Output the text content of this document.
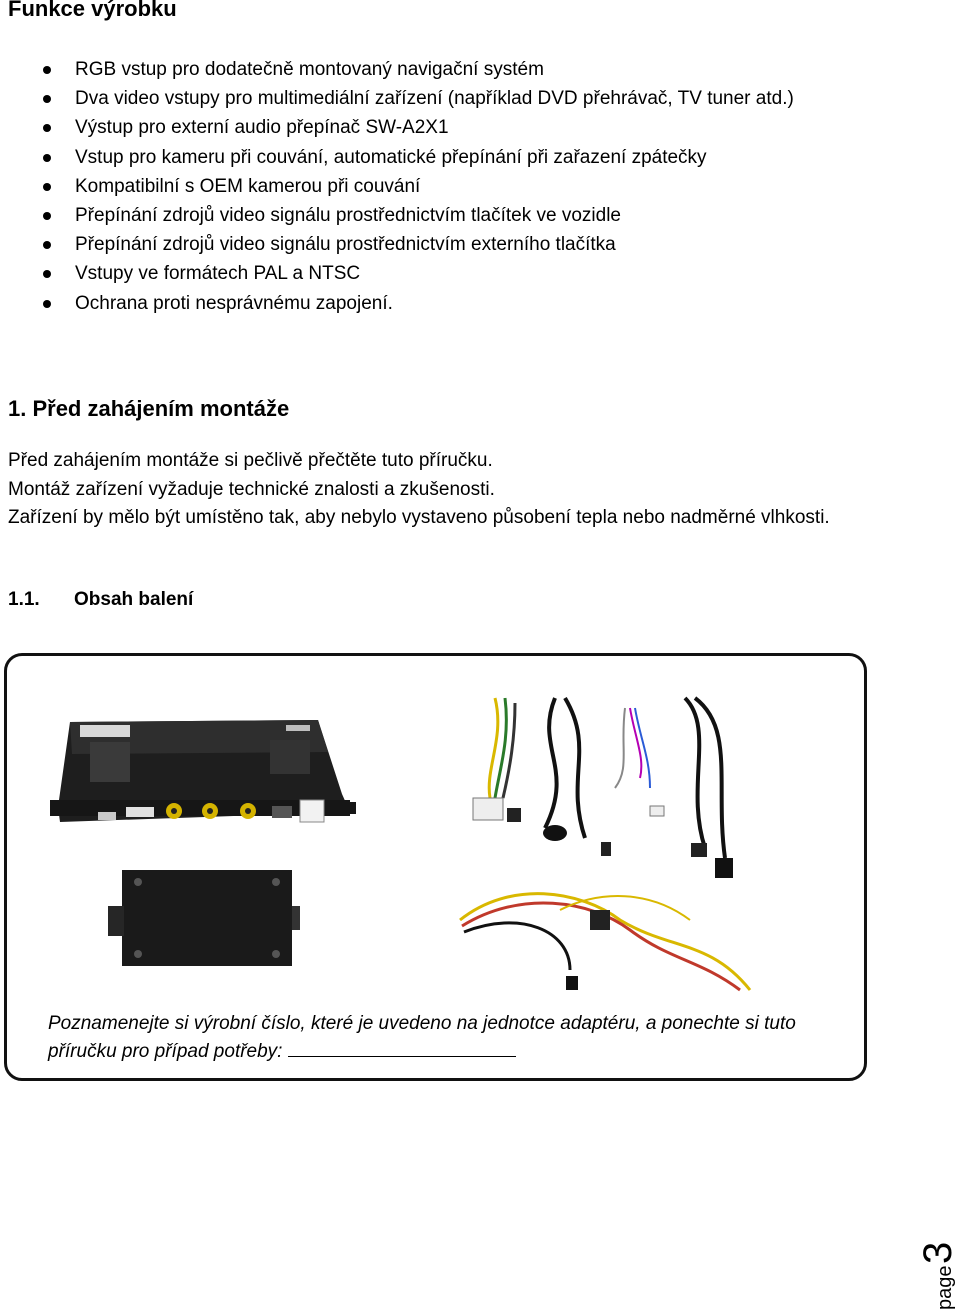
Funkce výrobku
RGB vstup pro dodatečně montovaný navigační systém
Dva video vstupy pro multimediální zařízení (například DVD přehrávač, TV tuner atd.)
Výstup pro externí audio přepínač SW-A2X1
Vstup pro kameru při couvání, automatické přepínání při zařazení zpátečky
Kompatibilní s OEM kamerou při couvání
Přepínání zdrojů video signálu prostřednictvím tlačítek ve vozidle
Přepínání zdrojů video signálu prostřednictvím externího tlačítka
Vstupy ve formátech PAL a NTSC
Ochrana proti nesprávnému zapojení.
1. Před zahájením montáže

Před zahájením montáže si pečlivě přečtěte tuto příručku.

Montáž zařízení vyžaduje technické znalosti a zkušenosti.

Zařízení by mělo být umístěno tak, aby nebylo vystaveno působení tepla nebo nadměrné vlhkosti.

1.1. Obsah balení

Poznamenejte si výrobní číslo, které je uvedeno na jednotce adaptéru, a ponechte si tuto příručku pro případ potřeby:

page
3
